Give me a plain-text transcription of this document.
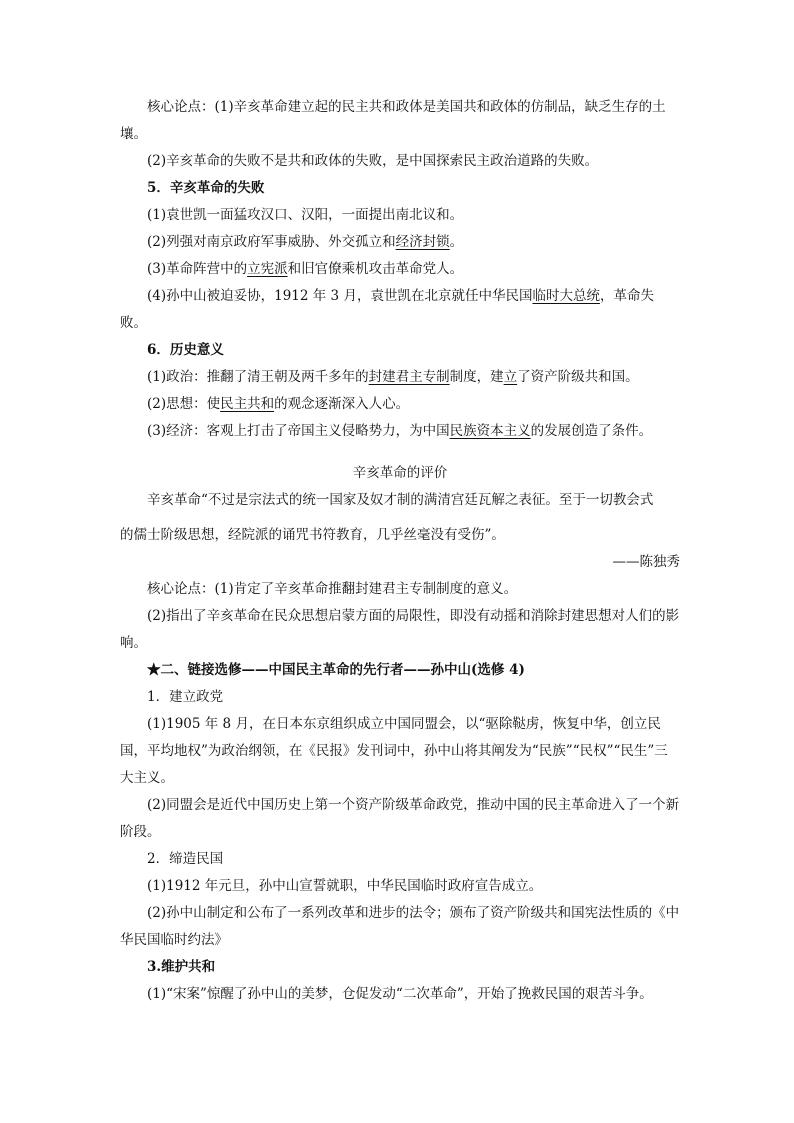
核心论点：(1)辛亥革命建立起的民主共和政体是美国共和政体的仿制品，缺乏生存的土壤。

(2)辛亥革命的失败不是共和政体的失败，是中国探索民主政治道路的失败。

5．辛亥革命的失败

(1)袁世凯一面猛攻汉口、汉阳，一面提出南北议和。

(2)列强对南京政府军事威胁、外交孤立和经济封锁。

(3)革命阵营中的立宪派和旧官僚乘机攻击革命党人。

(4)孙中山被迫妥协，1912 年 3 月，袁世凯在北京就任中华民国临时大总统，革命失败。

6．历史意义

(1)政治：推翻了清王朝及两千多年的封建君主专制制度，建立了资产阶级共和国。

(2)思想：使民主共和的观念逐渐深入人心。

(3)经济：客观上打击了帝国主义侵略势力，为中国民族资本主义的发展创造了条件。

辛亥革命的评价

辛亥革命“不过是宗法式的统一国家及奴才制的满清宫廷瓦解之表征。至于一切教会式

的儒士阶级思想，经院派的诵咒书符教育，几乎丝毫没有受伤”。

——陈独秀

核心论点：(1)肯定了辛亥革命推翻封建君主专制制度的意义。

(2)指出了辛亥革命在民众思想启蒙方面的局限性，即没有动摇和消除封建思想对人们的影响。

★二、链接选修——中国民主革命的先行者——孙中山(选修 4)

1．建立政党

(1)1905 年 8 月，在日本东京组织成立中国同盟会，以“驱除鞑虏，恢复中华，创立民国，平均地权”为政治纲领，在《民报》发刊词中，孙中山将其阐发为“民族”“民权”“民生”三大主义。

(2)同盟会是近代中国历史上第一个资产阶级革命政党，推动中国的民主革命进入了一个新阶段。

2．缔造民国

(1)1912 年元旦，孙中山宣誓就职，中华民国临时政府宣告成立。

(2)孙中山制定和公布了一系列改革和进步的法令；颁布了资产阶级共和国宪法性质的《中华民国临时约法》

3.维护共和

(1)“宋案”惊醒了孙中山的美梦，仓促发动“二次革命”，开始了挽救民国的艰苦斗争。
